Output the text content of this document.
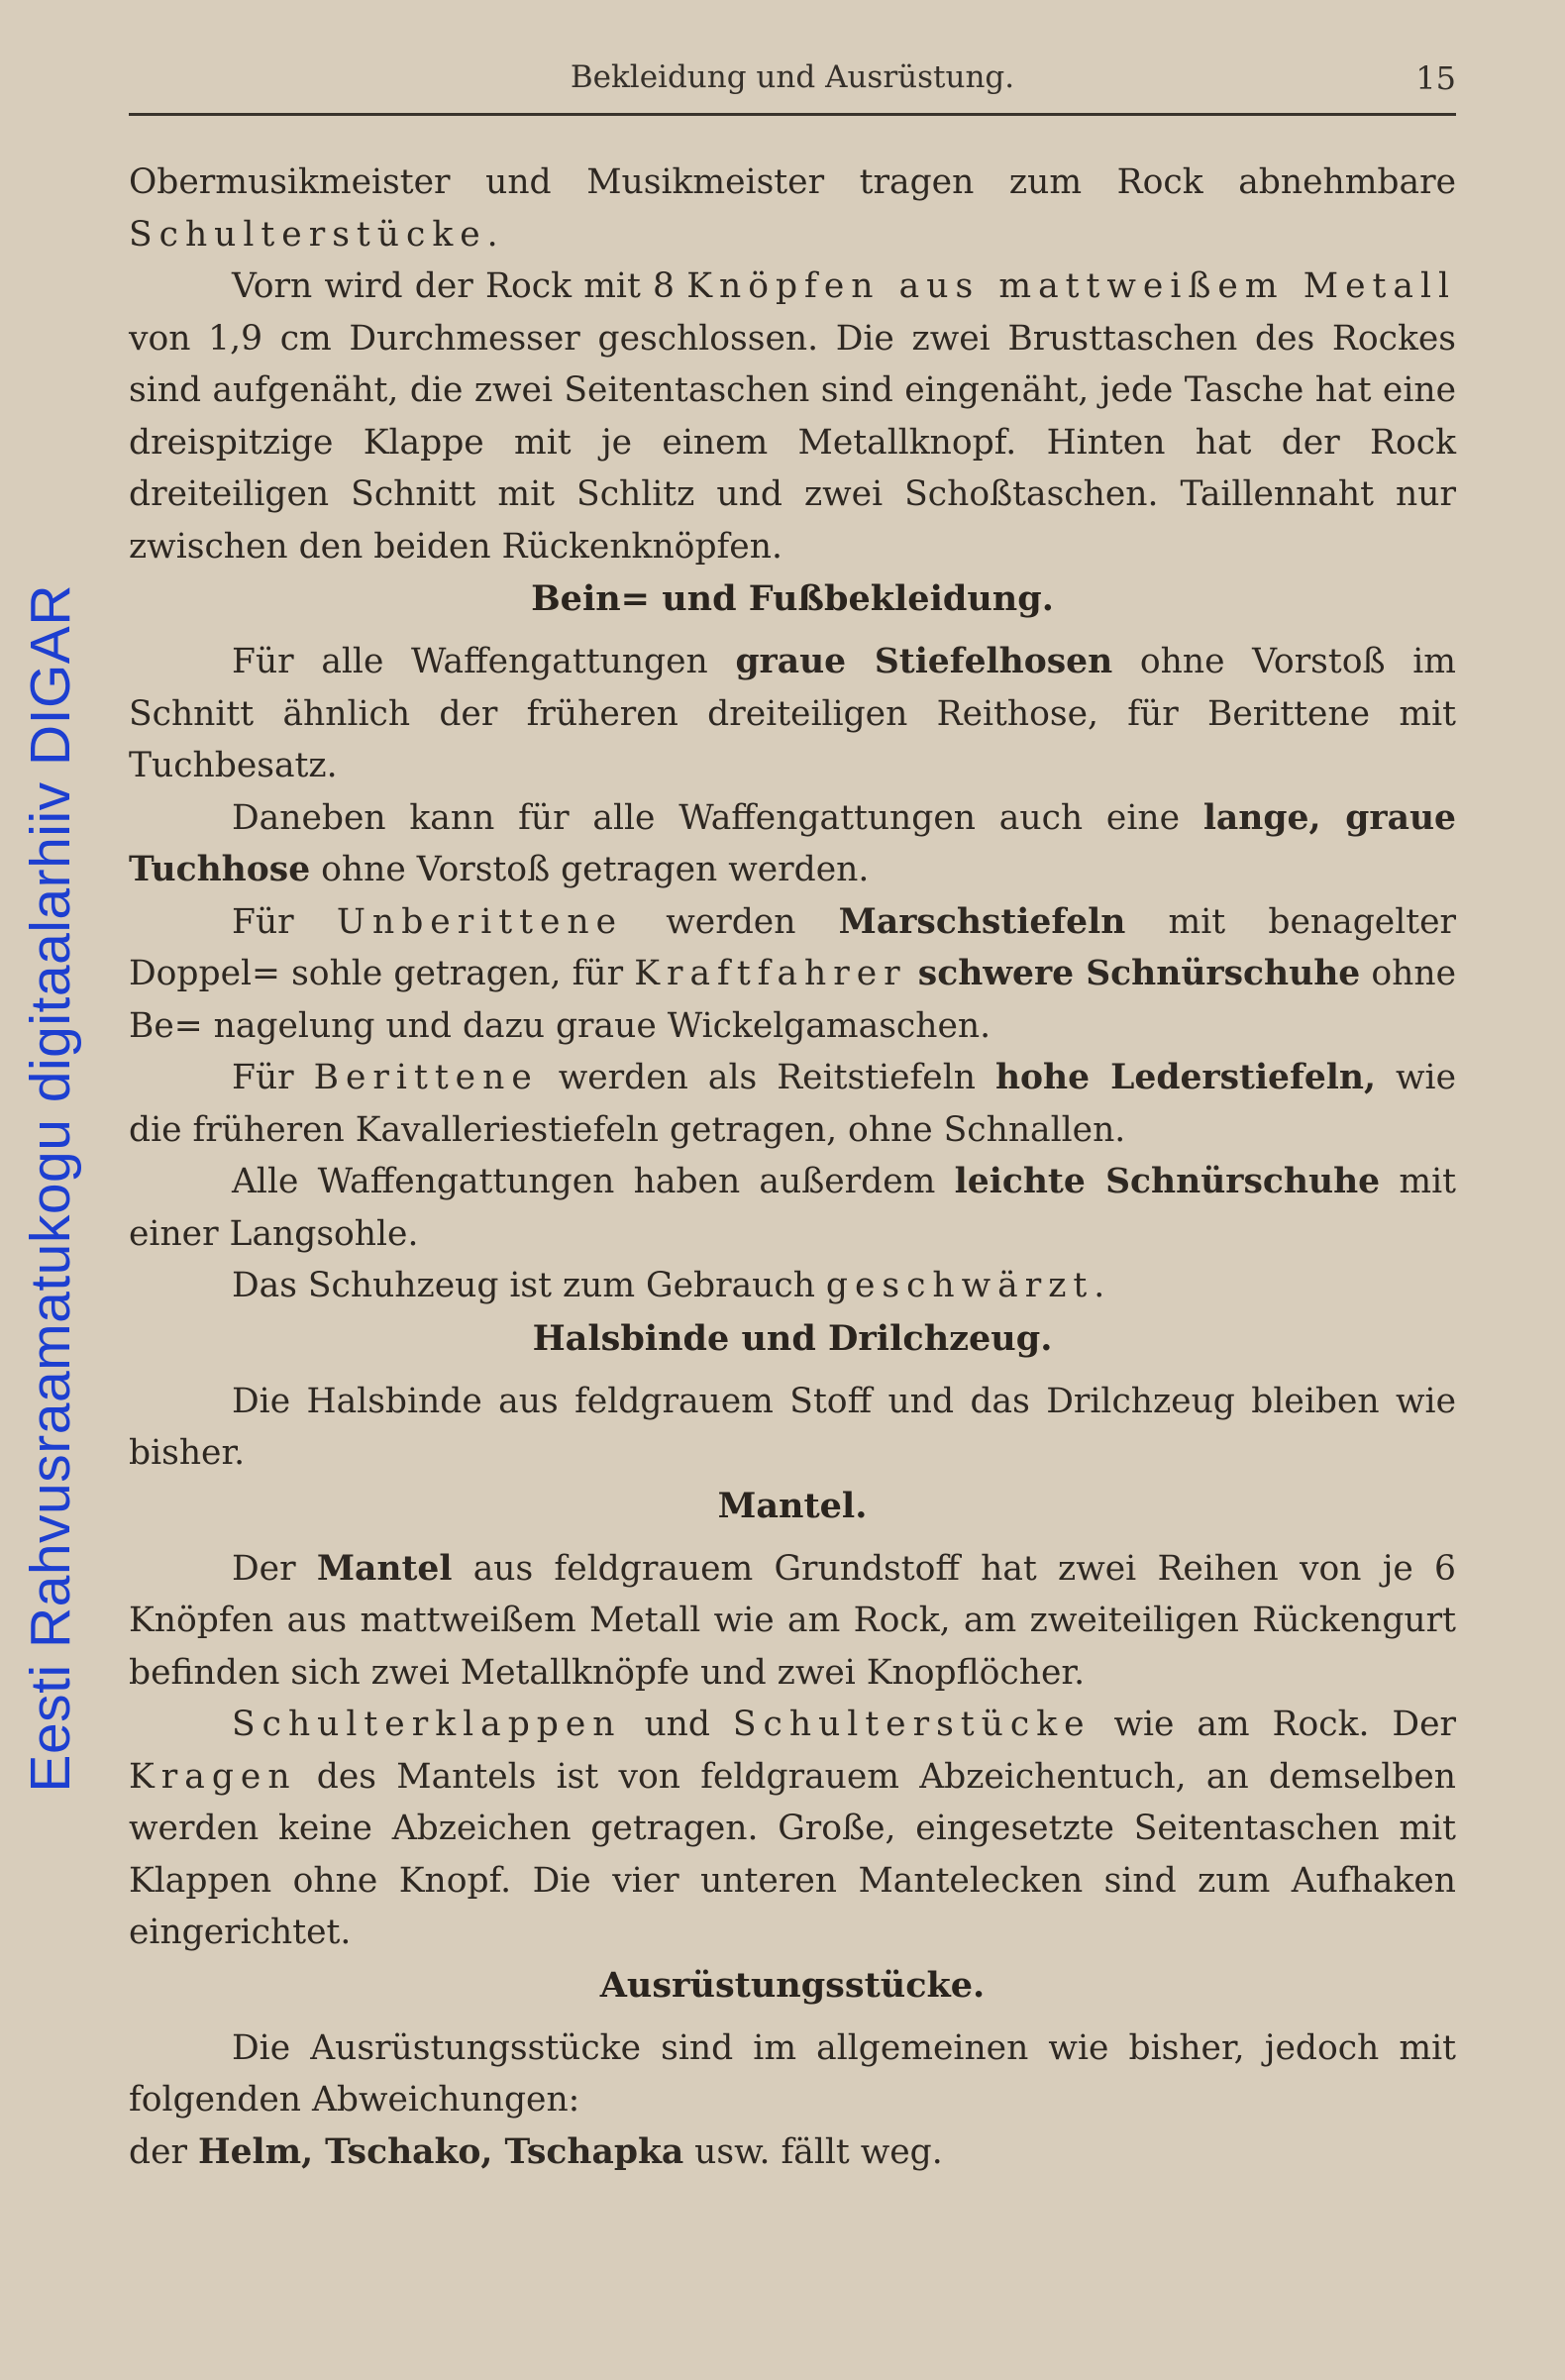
Eesti Rahvusraamatukogu digitaalarhiiv DIGAR
Bekleidung und Ausrüstung.	15

Obermusikmeister und Musikmeister tragen zum Rock abnehmbare Schulterstücke.

Vorn wird der Rock mit 8 Knöpfen aus mattweißem Metall von 1,9 cm Durchmesser geschlossen. Die zwei Brusttaschen des Rockes sind aufgenäht, die zwei Seitentaschen sind eingenäht, jede Tasche hat eine dreispitzige Klappe mit je einem Metallknopf. Hinten hat der Rock dreiteiligen Schnitt mit Schlitz und zwei Schoßtaschen. Taillennaht nur zwischen den beiden Rückenknöpfen.

Bein= und Fußbekleidung.

Für alle Waffengattungen graue Stiefelhosen ohne Vorstoß im Schnitt ähnlich der früheren dreiteiligen Reithose, für Berittene mit Tuchbesatz.

Daneben kann für alle Waffengattungen auch eine lange, graue Tuchhose ohne Vorstoß getragen werden.

Für Unberittene werden Marschstiefeln mit benagelter Doppel= sohle getragen, für Kraftfahrer schwere Schnürschuhe ohne Be= nagelung und dazu graue Wickelgamaschen.

Für Berittene werden als Reitstiefeln hohe Lederstiefeln, wie die früheren Kavalleriestiefeln getragen, ohne Schnallen.

Alle Waffengattungen haben außerdem leichte Schnürschuhe mit einer Langsohle.

Das Schuhzeug ist zum Gebrauch geschwärzt.

Halsbinde und Drilchzeug.

Die Halsbinde aus feldgrauem Stoff und das Drilchzeug bleiben wie bisher.

Mantel.

Der Mantel aus feldgrauem Grundstoff hat zwei Reihen von je 6 Knöpfen aus mattweißem Metall wie am Rock, am zweiteiligen Rückengurt befinden sich zwei Metallknöpfe und zwei Knopflöcher.

Schulterklappen und Schulterstücke wie am Rock. Der Kragen des Mantels ist von feldgrauem Abzeichentuch, an demselben werden keine Abzeichen getragen. Große, eingesetzte Seitentaschen mit Klappen ohne Knopf. Die vier unteren Mantelecken sind zum Aufhaken eingerichtet.

Ausrüstungsstücke.

Die Ausrüstungsstücke sind im allgemeinen wie bisher, jedoch mit folgenden Abweichungen:

der Helm, Tschako, Tschapka usw. fällt weg.
